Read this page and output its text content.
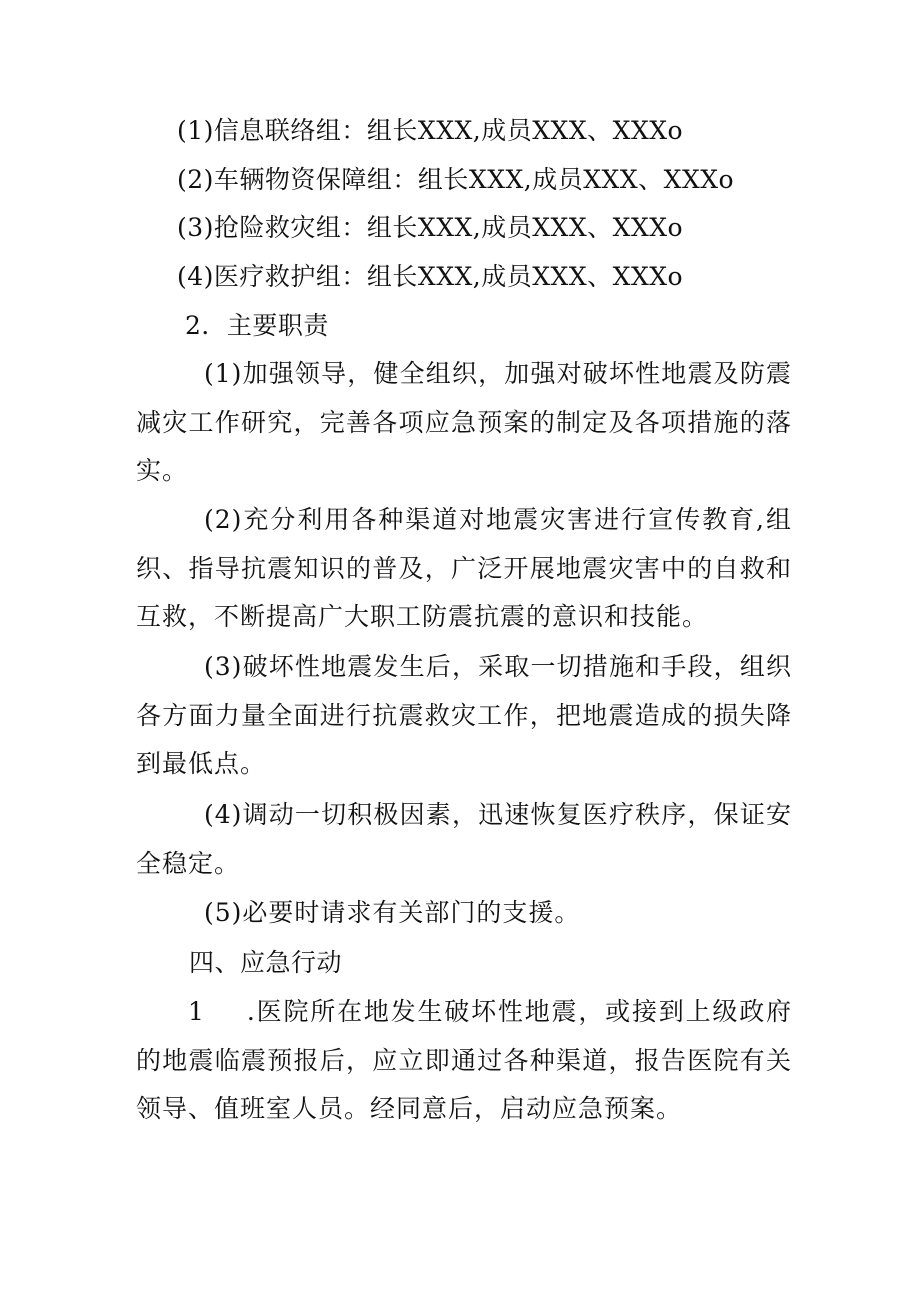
(1)信息联络组：组长XXX,成员XXX、XXXo
(2)车辆物资保障组：组长XXX,成员XXX、XXXo
(3)抢险救灾组：组长XXX,成员XXX、XXXo
(4)医疗救护组：组长XXX,成员XXX、XXXo
2．主要职责
(1)加强领导，健全组织，加强对破坏性地震及防震减灾工作研究，完善各项应急预案的制定及各项措施的落实。
(2)充分利用各种渠道对地震灾害进行宣传教育,组织、指导抗震知识的普及，广泛开展地震灾害中的自救和互救，不断提高广大职工防震抗震的意识和技能。
(3)破坏性地震发生后，采取一切措施和手段，组织各方面力量全面进行抗震救灾工作，把地震造成的损失降到最低点。
(4)调动一切积极因素，迅速恢复医疗秩序，保证安全稳定。
(5)必要时请求有关部门的支援。
四、应急行动
1 .医院所在地发生破坏性地震，或接到上级政府的地震临震预报后，应立即通过各种渠道，报告医院有关领导、值班室人员。经同意后，启动应急预案。
